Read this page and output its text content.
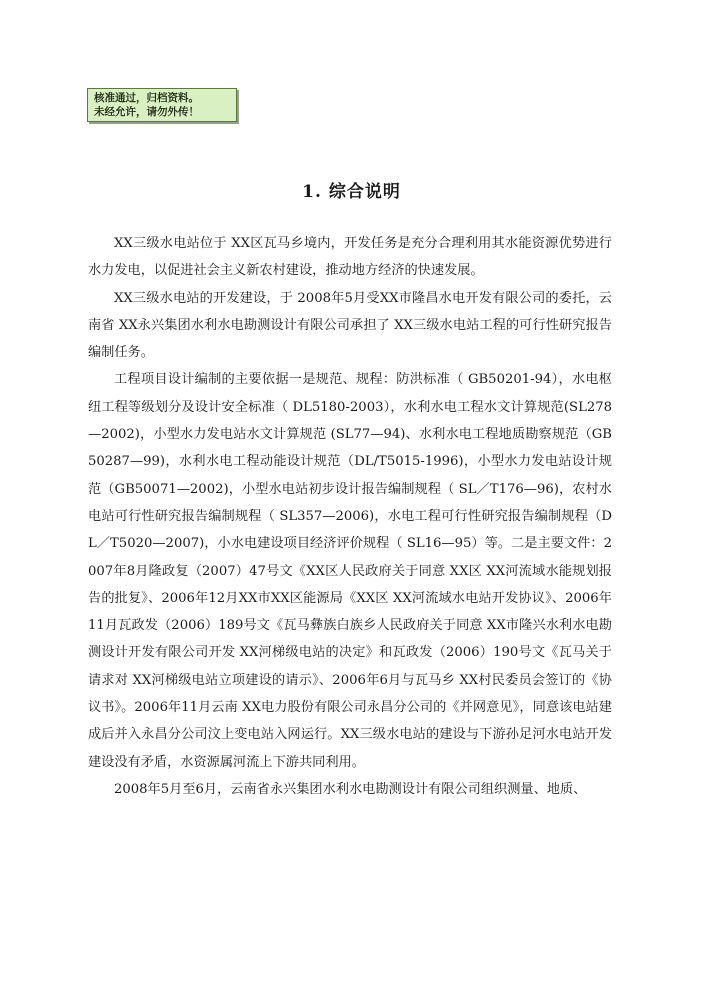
核准通过，归档资料。
未经允许，请勿外传！
1. 综合说明

XX三级水电站位于 XX区瓦马乡境内，开发任务是充分合理利用其水能资源优势进行水力发电，以促进社会主义新农村建设，推动地方经济的快速发展。

XX三级水电站的开发建设，于 2008年5月受XX市隆昌水电开发有限公司的委托，云南省 XX永兴集团水利水电勘测设计有限公司承担了 XX三级水电站工程的可行性研究报告编制任务。

工程项目设计编制的主要依据一是规范、规程：防洪标准（ GB50201-94），水电枢纽工程等级划分及设计安全标准（ DL5180-2003），水利水电工程水文计算规范(SL278—2002)，小型水力发电站水文计算规范 (SL77—94)、水利水电工程地质勘察规范（GB50287—99)，水利水电工程动能设计规范（DL/T5015-1996)，小型水力发电站设计规范（GB50071—2002)，小型水电站初步设计报告编制规程（ SL／T176—96)，农村水电站可行性研究报告编制规程（ SL357—2006)，水电工程可行性研究报告编制规程（DL／T5020—2007)，小水电建设项目经济评价规程（ SL16—95）等。二是主要文件：2007年8月隆政复（2007）47号文《XX区人民政府关于同意 XX区 XX河流域水能规划报告的批复》、2006年12月XX市XX区能源局《XX区 XX河流域水电站开发协议》、2006年11月瓦政发（2006）189号文《瓦马彝族白族乡人民政府关于同意 XX市隆兴水利水电勘测设计开发有限公司开发 XX河梯级电站的决定》和瓦政发（2006）190号文《瓦马关于请求对 XX河梯级电站立项建设的请示》、2006年6月与瓦马乡 XX村民委员会签订的《协议书》。2006年11月云南 XX电力股份有限公司永昌分公司的《并网意见》，同意该电站建成后并入永昌分公司汶上变电站入网运行。XX三级水电站的建设与下游孙足河水电站开发建设没有矛盾，水资源属河流上下游共同利用。

2008年5月至6月，云南省永兴集团水利水电勘测设计有限公司组织测量、地质、
